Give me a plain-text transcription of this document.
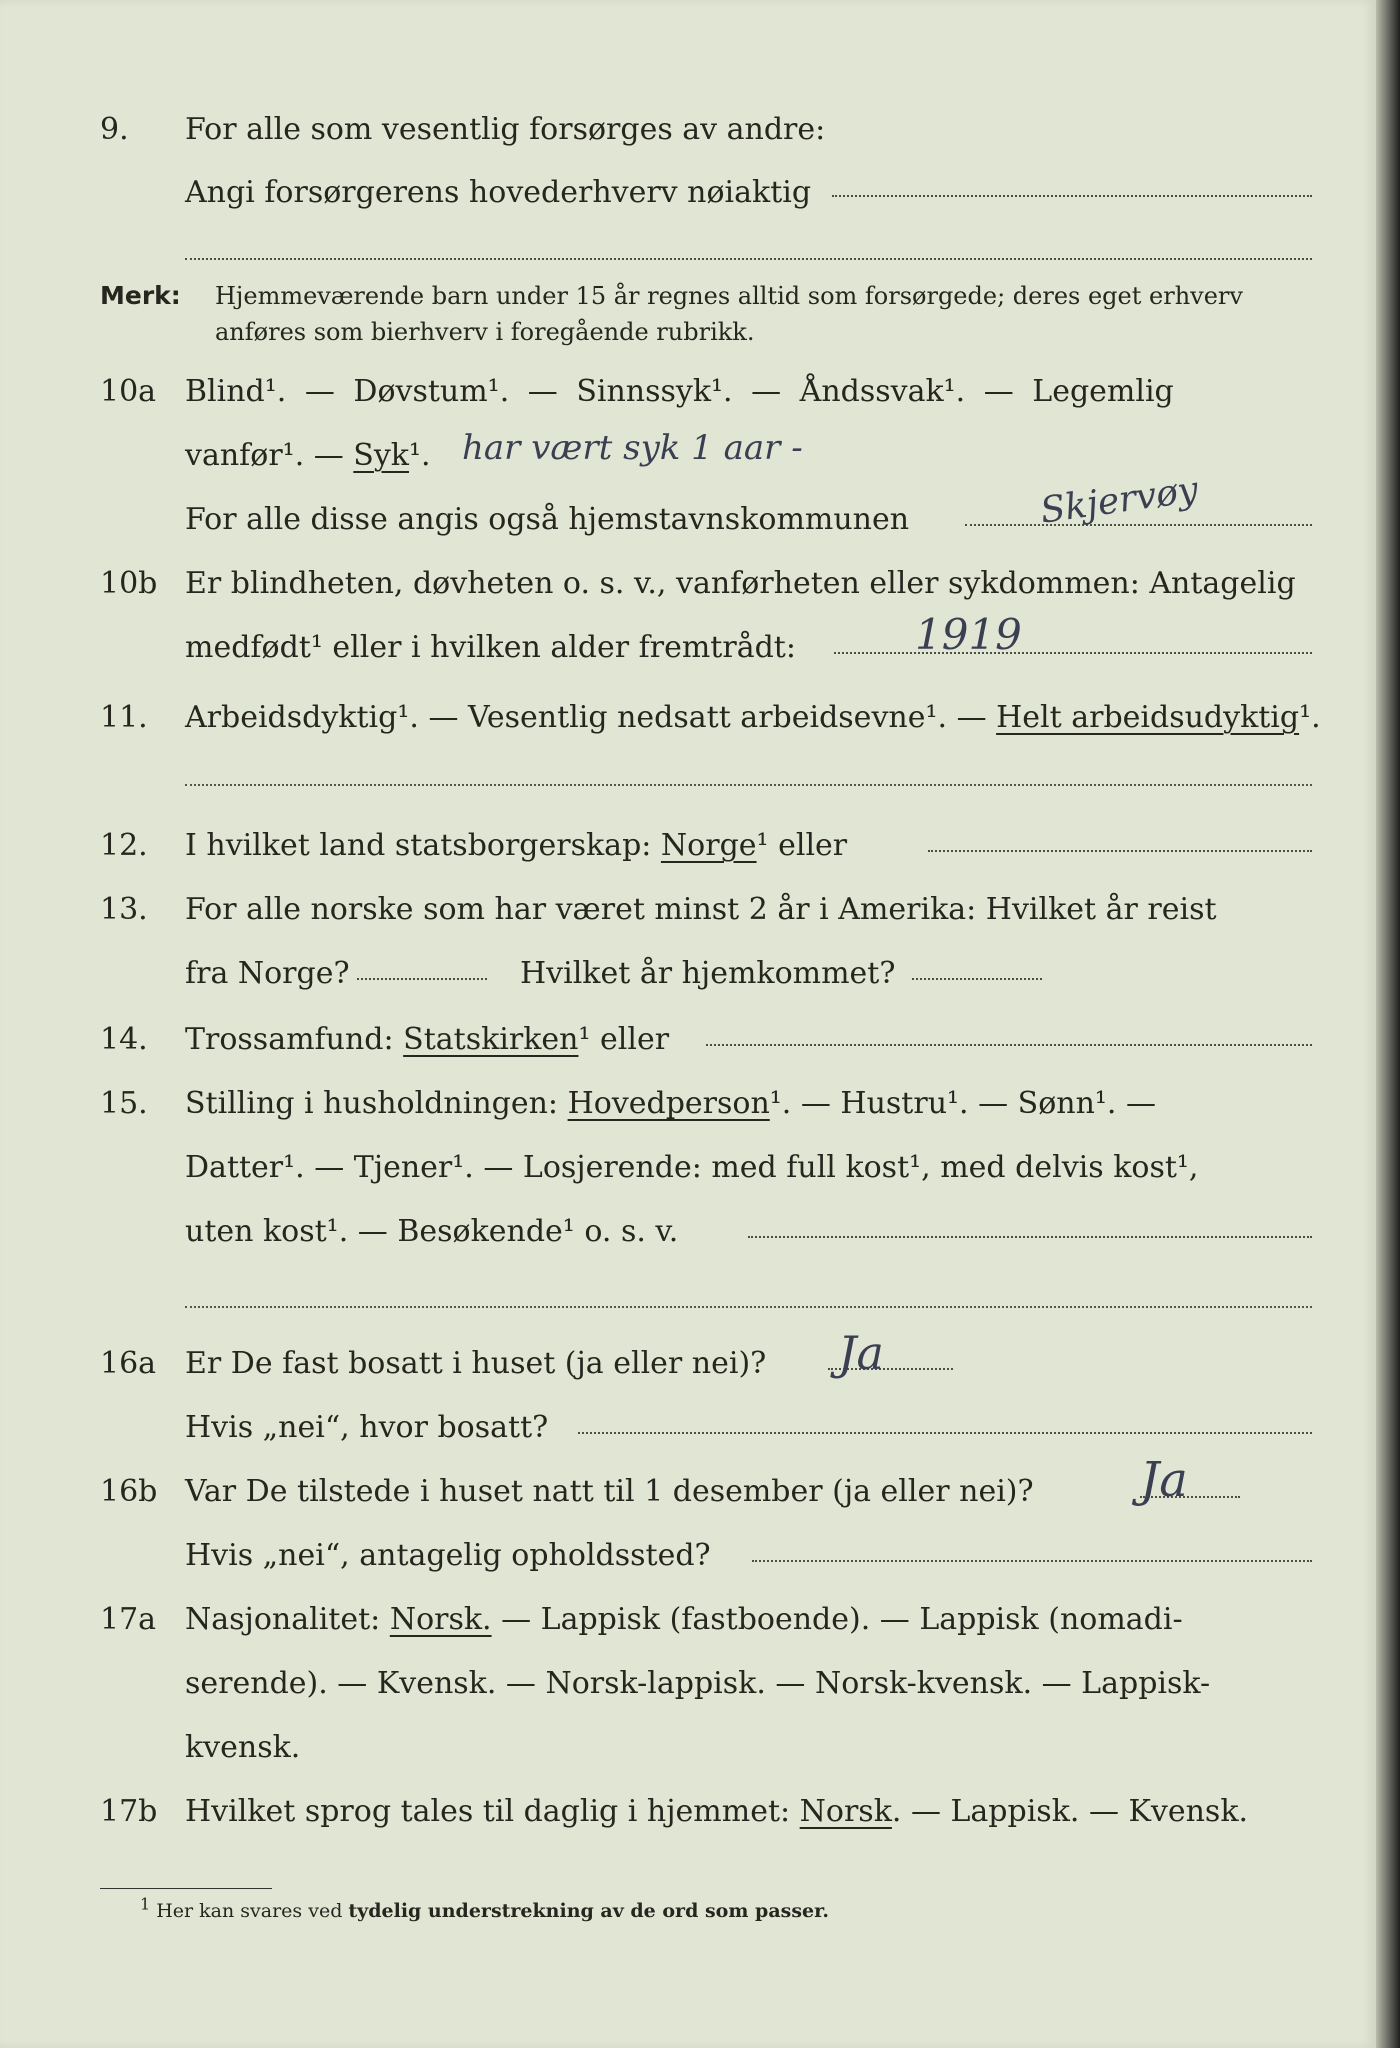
9. For alle som vesentlig forsørges av andre:
Angi forsørgerens hovederhverv nøiaktig
Merk: Hjemmeværende barn under 15 år regnes alltid som forsørgede; deres eget erhverv
anføres som bierhverv i foregående rubrikk.
10a Blind¹. — Døvstum¹. — Sinnssyk¹. — Åndssvak¹. — Legemlig
vanfør¹. — Syk¹. har vært syk 1 aar -
For alle disse angis også hjemstavnskommunen	Skjervøy
10b Er blindheten, døvheten o. s. v., vanførheten eller sykdommen: Antagelig
medfødt¹ eller i hvilken alder fremtrådt:	1919
11. Arbeidsdyktig¹. — Vesentlig nedsatt arbeidsevne¹. — Helt arbeidsudyktig¹.
12. I hvilket land statsborgerskap: Norge¹ eller
13. For alle norske som har været minst 2 år i Amerika: Hvilket år reist
fra Norge?	Hvilket år hjemkommet?
14. Trossamfund: Statskirken¹ eller
15. Stilling i husholdningen: Hovedperson¹. — Hustru¹. — Sønn¹. —
Datter¹. — Tjener¹. — Losjerende: med full kost¹, med delvis kost¹,
uten kost¹. — Besøkende¹ o. s. v.
16a Er De fast bosatt i huset (ja eller nei)? Ja
Hvis „nei“, hvor bosatt?
16b Var De tilstede i huset natt til 1 desember (ja eller nei)? Ja
Hvis „nei“, antagelig opholdssted?
17a Nasjonalitet: Norsk. — Lappisk (fastboende). — Lappisk (nomadi-
serende). — Kvensk. — Norsk-lappisk. — Norsk-kvensk. — Lappisk-
kvensk.
17b Hvilket sprog tales til daglig i hjemmet: Norsk. — Lappisk. — Kvensk.
$^1$ Her kan svares ved tydelig understrekning av de ord som passer.
